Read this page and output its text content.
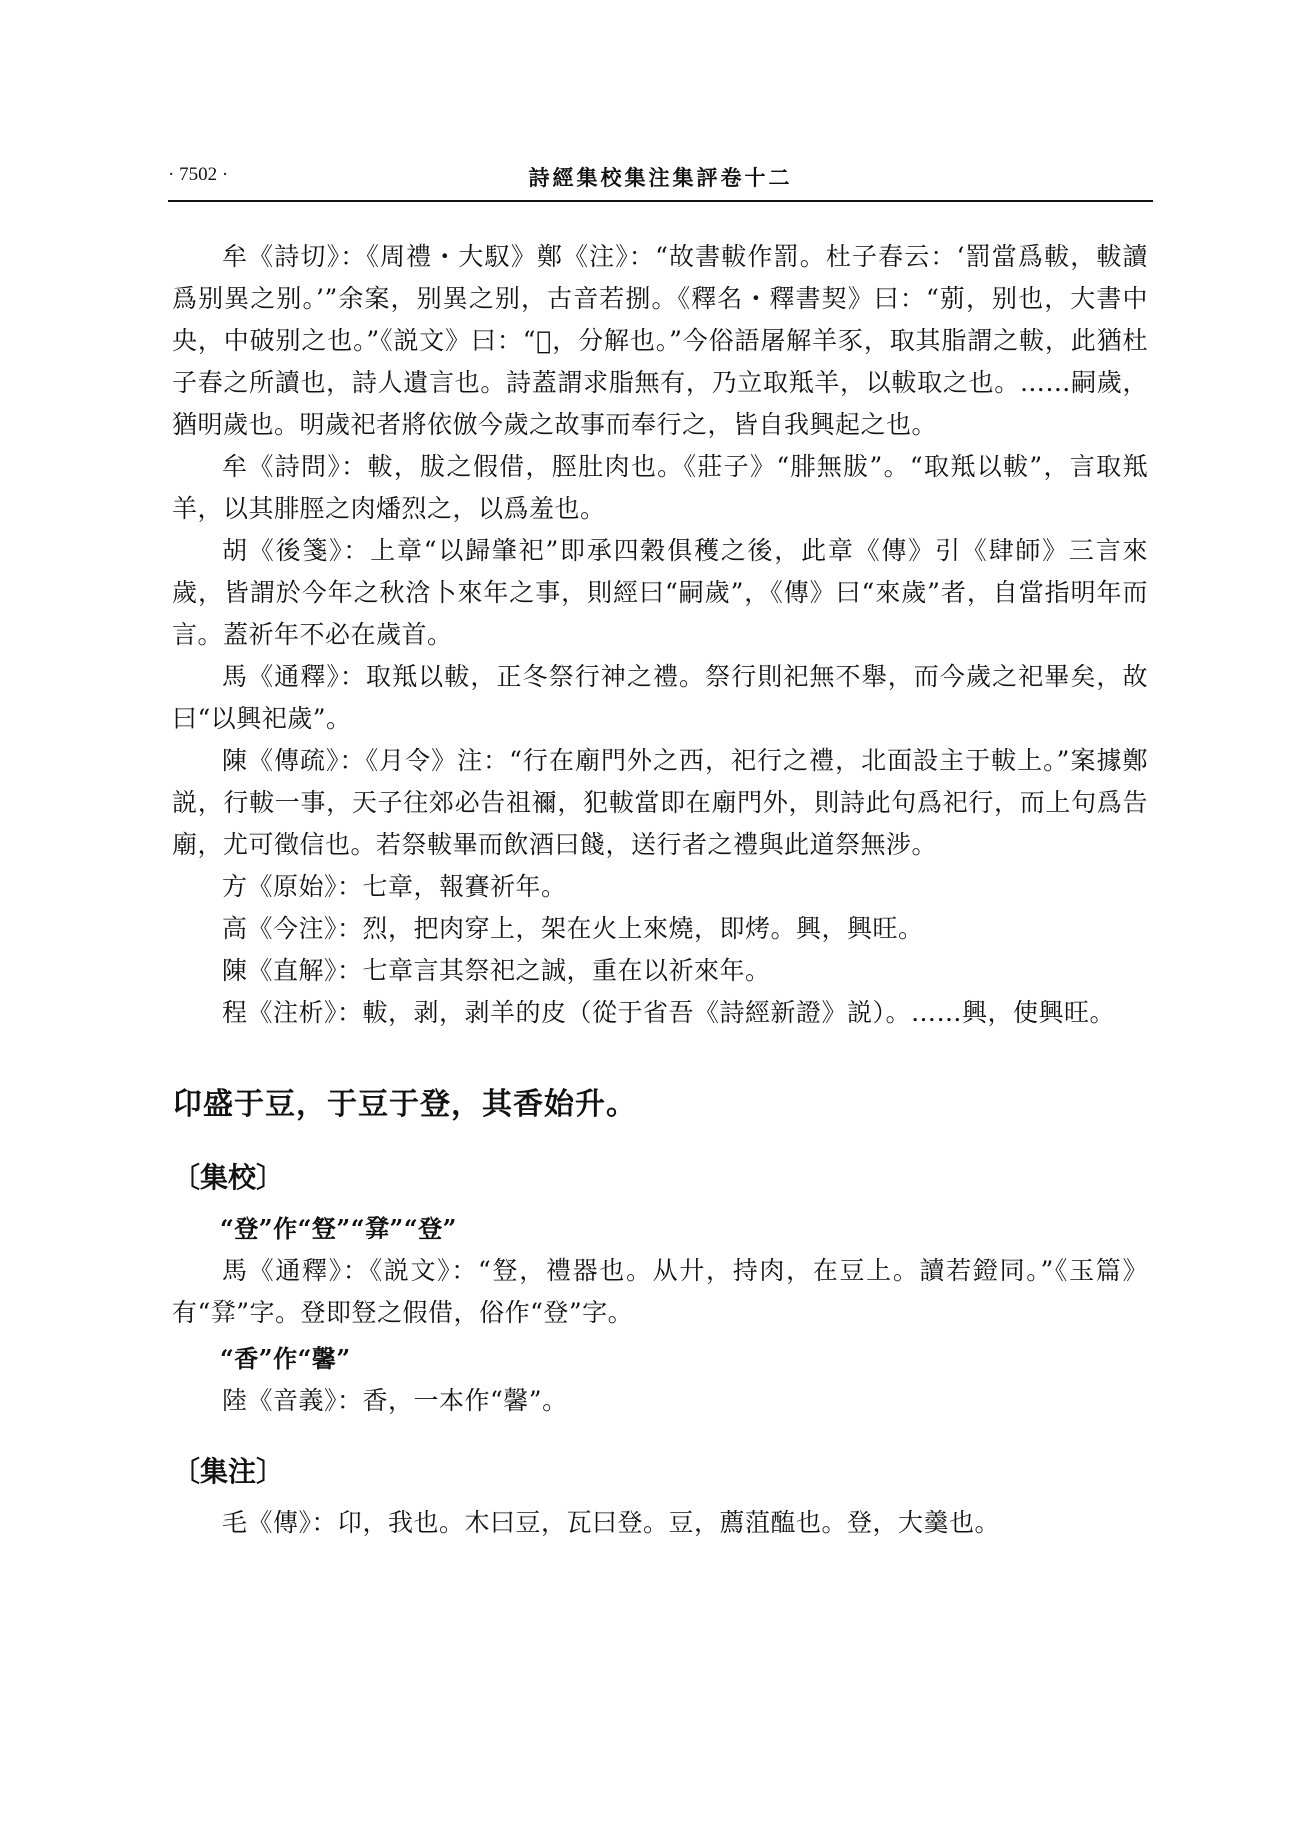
· 7502 ·	詩經集校集注集評卷十二

牟《詩切》：《周禮・大馭》鄭《注》：“故書軷作罰。杜子春云：‘罰當爲軷，軷讀爲别異之别。’”余案，别異之别，古音若捌。《釋名・釋書契》曰：“莂，别也，大書中央，中破别之也。”《説文》曰：“𠚕，分解也。”今俗語屠解羊豕，取其脂謂之軷，此猶杜子春之所讀也，詩人遺言也。詩蓋謂求脂無有，乃立取羝羊，以軷取之也。……嗣歲，猶明歲也。明歲祀者將依倣今歲之故事而奉行之，皆自我興起之也。

牟《詩問》：軷，胈之假借，脛肚肉也。《莊子》“腓無胈”。“取羝以軷”，言取羝羊，以其腓脛之肉燔烈之，以爲羞也。

胡《後箋》：上章“以歸肇祀”即承四穀俱穫之後，此章《傳》引《肆師》三言來歲，皆謂於今年之秋浛卜來年之事，則經曰“嗣歲”，《傳》曰“來歲”者，自當指明年而言。蓋祈年不必在歲首。

馬《通釋》：取羝以軷，正冬祭行神之禮。祭行則祀無不舉，而今歲之祀畢矣，故曰“以興祀歲”。

陳《傳疏》：《月令》注：“行在廟門外之西，祀行之禮，北面設主于軷上。”案據鄭説，行軷一事，天子往郊必告祖禰，犯軷當即在廟門外，則詩此句爲祀行，而上句爲告廟，尤可徵信也。若祭軷畢而飲酒曰餞，送行者之禮與此道祭無涉。

方《原始》：七章，報賽祈年。

高《今注》：烈，把肉穿上，架在火上來燒，即烤。興，興旺。

陳《直解》：七章言其祭祀之誠，重在以祈來年。

程《注析》：軷，剥，剥羊的皮（從于省吾《詩經新證》説）。……興，使興旺。

卬盛于豆，于豆于登，其香始升。
〔集校〕

“登”作“豋”“𤼷”“登”

馬《通釋》：《説文》：“豋，禮器也。从廾，持肉，在豆上。讀若鐙同。”《玉篇》有“𤼷”字。登即豋之假借，俗作“登”字。

“香”作“馨”

陸《音義》：香，一本作“馨”。

〔集注〕

毛《傳》：卬，我也。木曰豆，瓦曰登。豆，薦菹醢也。登，大羹也。
